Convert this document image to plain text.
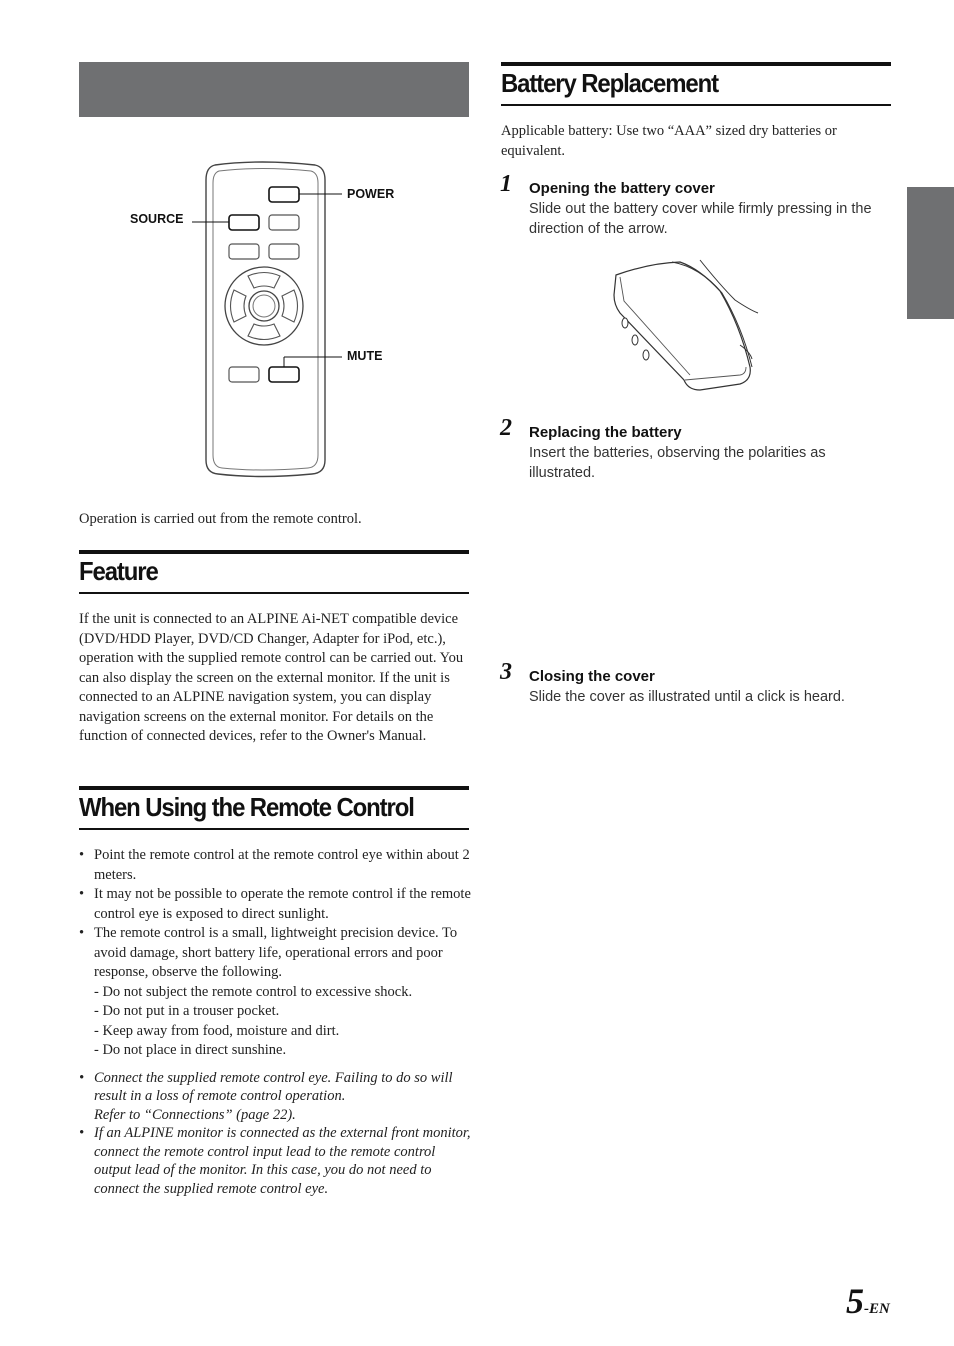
POWER
SOURCE
MUTE
Operation is carried out from the remote control.
Feature
If the unit is connected to an ALPINE Ai-NET compatible device (DVD/HDD Player, DVD/CD Changer, Adapter for iPod, etc.), operation with the supplied remote control can be carried out. You can also display the screen on the external monitor. If the unit is connected to an ALPINE navigation system, you can display navigation screens on the external monitor. For details on the function of connected devices, refer to the Owner's Manual.
When Using the Remote Control
• Point the remote control at the remote control eye within about 2 meters.
• It may not be possible to operate the remote control if the remote control eye is exposed to direct sunlight.
• The remote control is a small, lightweight precision device. To avoid damage, short battery life, operational errors and poor response, observe the following.
- Do not subject the remote control to excessive shock.
- Do not put in a trouser pocket.
- Keep away from food, moisture and dirt.
- Do not place in direct sunshine.
• Connect the supplied remote control eye. Failing to do so will result in a loss of remote control operation.
Refer to “Connections” (page 22).
• If an ALPINE monitor is connected as the external front monitor, connect the remote control input lead to the remote control output lead of the monitor. In this case, you do not need to connect the supplied remote control eye.
Battery Replacement
Applicable battery: Use two “AAA” sized dry batteries or equivalent.
1 Opening the battery cover
Slide out the battery cover while firmly pressing in the direction of the arrow.
2 Replacing the battery
Insert the batteries, observing the polarities as illustrated.
3 Closing the cover
Slide the cover as illustrated until a click is heard.
5-EN
